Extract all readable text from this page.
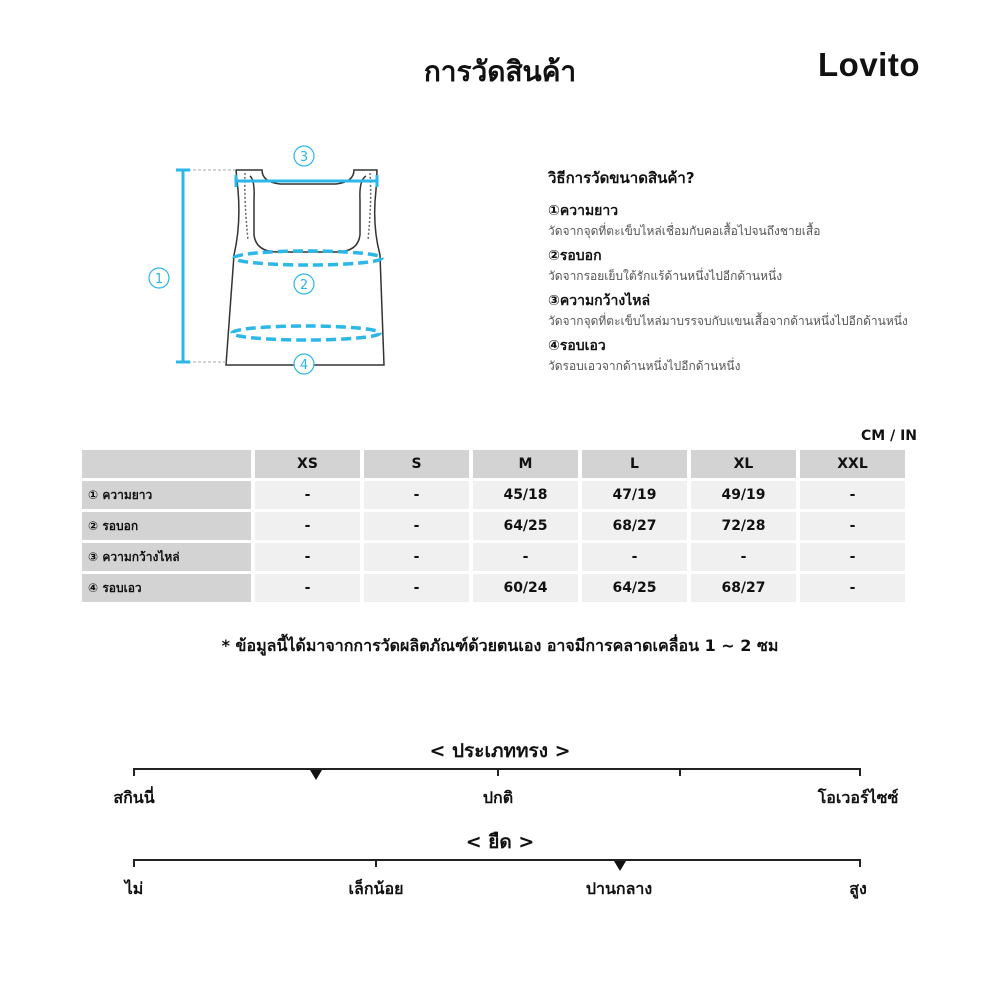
การวัดสินค้า	Lovito
3
1	2
4
วิธีการวัดขนาดสินค้า?
①ความยาว
วัดจากจุดที่ตะเข็บไหล่เชื่อมกับคอเสื้อไปจนถึงชายเสื้อ
②รอบอก
วัดจากรอยเย็บใต้รักแร้ด้านหนึ่งไปอีกด้านหนึ่ง
③ความกว้างไหล่
วัดจากจุดที่ตะเข็บไหล่มาบรรจบกับแขนเสื้อจากด้านหนึ่งไปอีกด้านหนึ่ง
④รอบเอว
วัดรอบเอวจากด้านหนึ่งไปอีกด้านหนึ่ง
CM / IN
	XS	S	M	L	XL	XXL
① ความยาว	-	-	45/18	47/19	49/19	-
② รอบอก	-	-	64/25	68/27	72/28	-
③ ความกว้างไหล่	-	-	-	-	-	-
④ รอบเอว	-	-	60/24	64/25	68/27	-
* ข้อมูลนี้ได้มาจากการวัดผลิตภัณฑ์ด้วยตนเอง อาจมีการคลาดเคลื่อน 1 ~ 2 ซม
< ประเภททรง >
สกินนี่	ปกติ	โอเวอร์ไซซ์
< ยืด >
ไม่	เล็กน้อย	ปานกลาง	สูง
